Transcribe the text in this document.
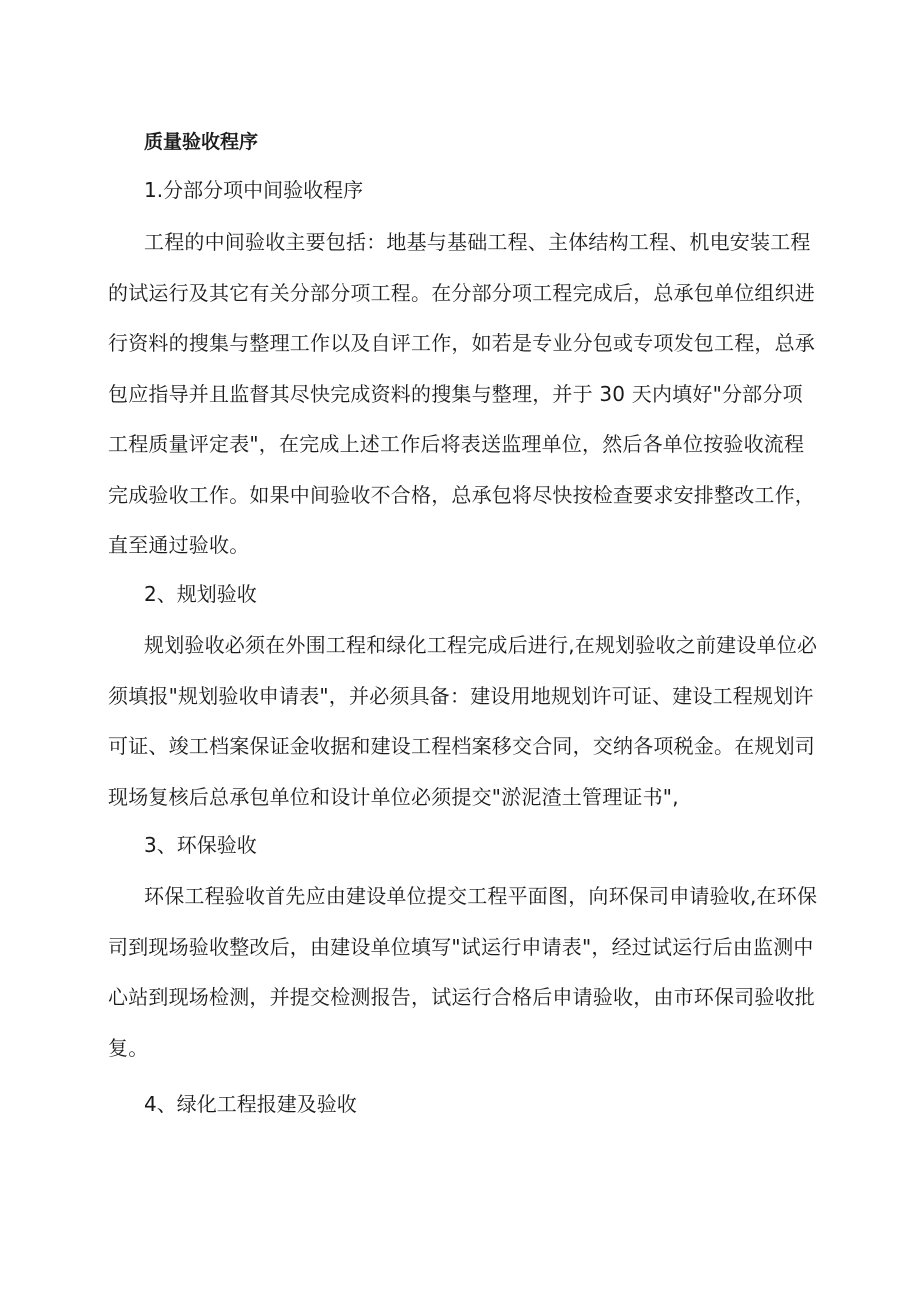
质量验收程序
1.分部分项中间验收程序

工程的中间验收主要包括：地基与基础工程、主体结构工程、机电安装工程的试运行及其它有关分部分项工程。在分部分项工程完成后，总承包单位组织进行资料的搜集与整理工作以及自评工作，如若是专业分包或专项发包工程，总承包应指导并且监督其尽快完成资料的搜集与整理，并于 30 天内填好"分部分项工程质量评定表"，在完成上述工作后将表送监理单位，然后各单位按验收流程完成验收工作。如果中间验收不合格，总承包将尽快按检查要求安排整改工作，直至通过验收。

2、规划验收

规划验收必须在外围工程和绿化工程完成后进行,在规划验收之前建设单位必须填报"规划验收申请表"，并必须具备：建设用地规划许可证、建设工程规划许可证、竣工档案保证金收据和建设工程档案移交合同，交纳各项税金。在规划司现场复核后总承包单位和设计单位必须提交"淤泥渣土管理证书",

3、环保验收

环保工程验收首先应由建设单位提交工程平面图，向环保司申请验收,在环保司到现场验收整改后，由建设单位填写"试运行申请表"，经过试运行后由监测中心站到现场检测，并提交检测报告，试运行合格后申请验收，由市环保司验收批复。

4、绿化工程报建及验收
